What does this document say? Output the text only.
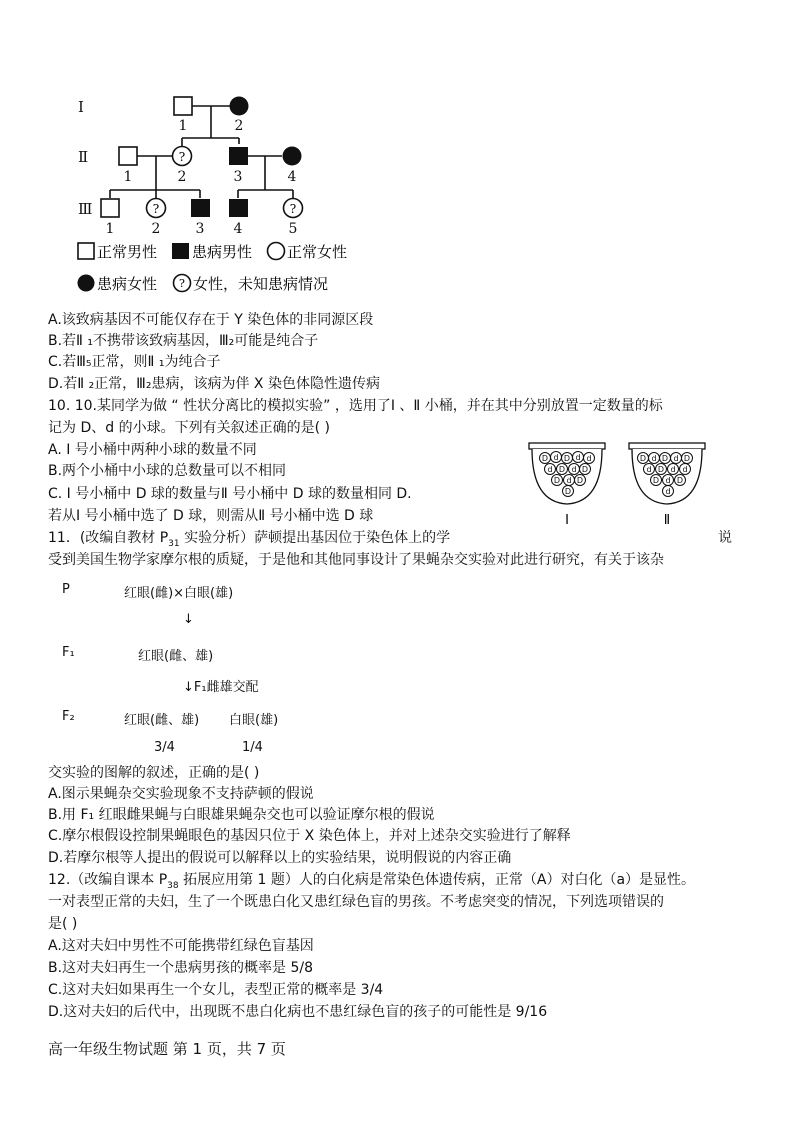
Ⅰ
Ⅱ
Ⅲ
?
?	?
1	2
1	2	3	4
1	2	3 4	5
正常男性 患病男性 正常女性
患病女性 ? 女性，未知患病情况
A.该致病基因不可能仅存在于 Y 染色体的非同源区段
B.若Ⅱ ₁不携带该致病基因，Ⅲ₂可能是纯合子
C.若Ⅲ₅正常，则Ⅱ ₁为纯合子
D.若Ⅱ ₂正常，Ⅲ₂患病，该病为伴 X 染色体隐性遗传病
10. 10.某同学为做 “ 性状分离比的模拟实验” ，选用了Ⅰ 、Ⅱ 小桶，并在其中分别放置一定数量的标
记为 D、d 的小球。下列有关叙述正确的是( )
A. Ⅰ 号小桶中两种小球的数量不同
B.两个小桶中小球的总数量可以不相同
C. Ⅰ 号小桶中 D 球的数量与Ⅱ 号小桶中 D 球的数量相同 D.
若从Ⅰ 号小桶中选了 D 球，则需从Ⅱ 号小桶中选 D 球
D d D d d
d D d D
D d D
D
Ⅰ
D d D d D
d D d d
D d D
d
Ⅱ
11．(改编自教材 $P_{31}$ 实验分析）萨顿提出基因位于染色体上的学	说
受到美国生物学家摩尔根的质疑，于是他和其他同事设计了果蝇杂交实验对此进行研究，有关于该杂
P	红眼(雌)×白眼(雄)
↓
F₁	红眼(雌、雄)
↓F₁雌雄交配
F₂	红眼(雌、雄) 白眼(雄)
3/4	1/4
交实验的图解的叙述，正确的是( )
A.图示果蝇杂交实验现象不支持萨顿的假说
B.用 F₁ 红眼雌果蝇与白眼雄果蝇杂交也可以验证摩尔根的假说
C.摩尔根假设控制果蝇眼色的基因只位于 X 染色体上，并对上述杂交实验进行了解释
D.若摩尔根等人提出的假说可以解释以上的实验结果，说明假说的内容正确
12.（改编自课本 $P_{38}$ 拓展应用第 1 题）人的白化病是常染色体遗传病，正常（A）对白化（a）是显性。
一对表型正常的夫妇，生了一个既患白化又患红绿色盲的男孩。不考虑突变的情况，下列选项错误的
是( )
A.这对夫妇中男性不可能携带红绿色盲基因
B.这对夫妇再生一个患病男孩的概率是 5/8
C.这对夫妇如果再生一个女儿，表型正常的概率是 3/4
D.这对夫妇的后代中，出现既不患白化病也不患红绿色盲的孩子的可能性是 9/16
高一年级生物试题 第 1 页，共 7 页
